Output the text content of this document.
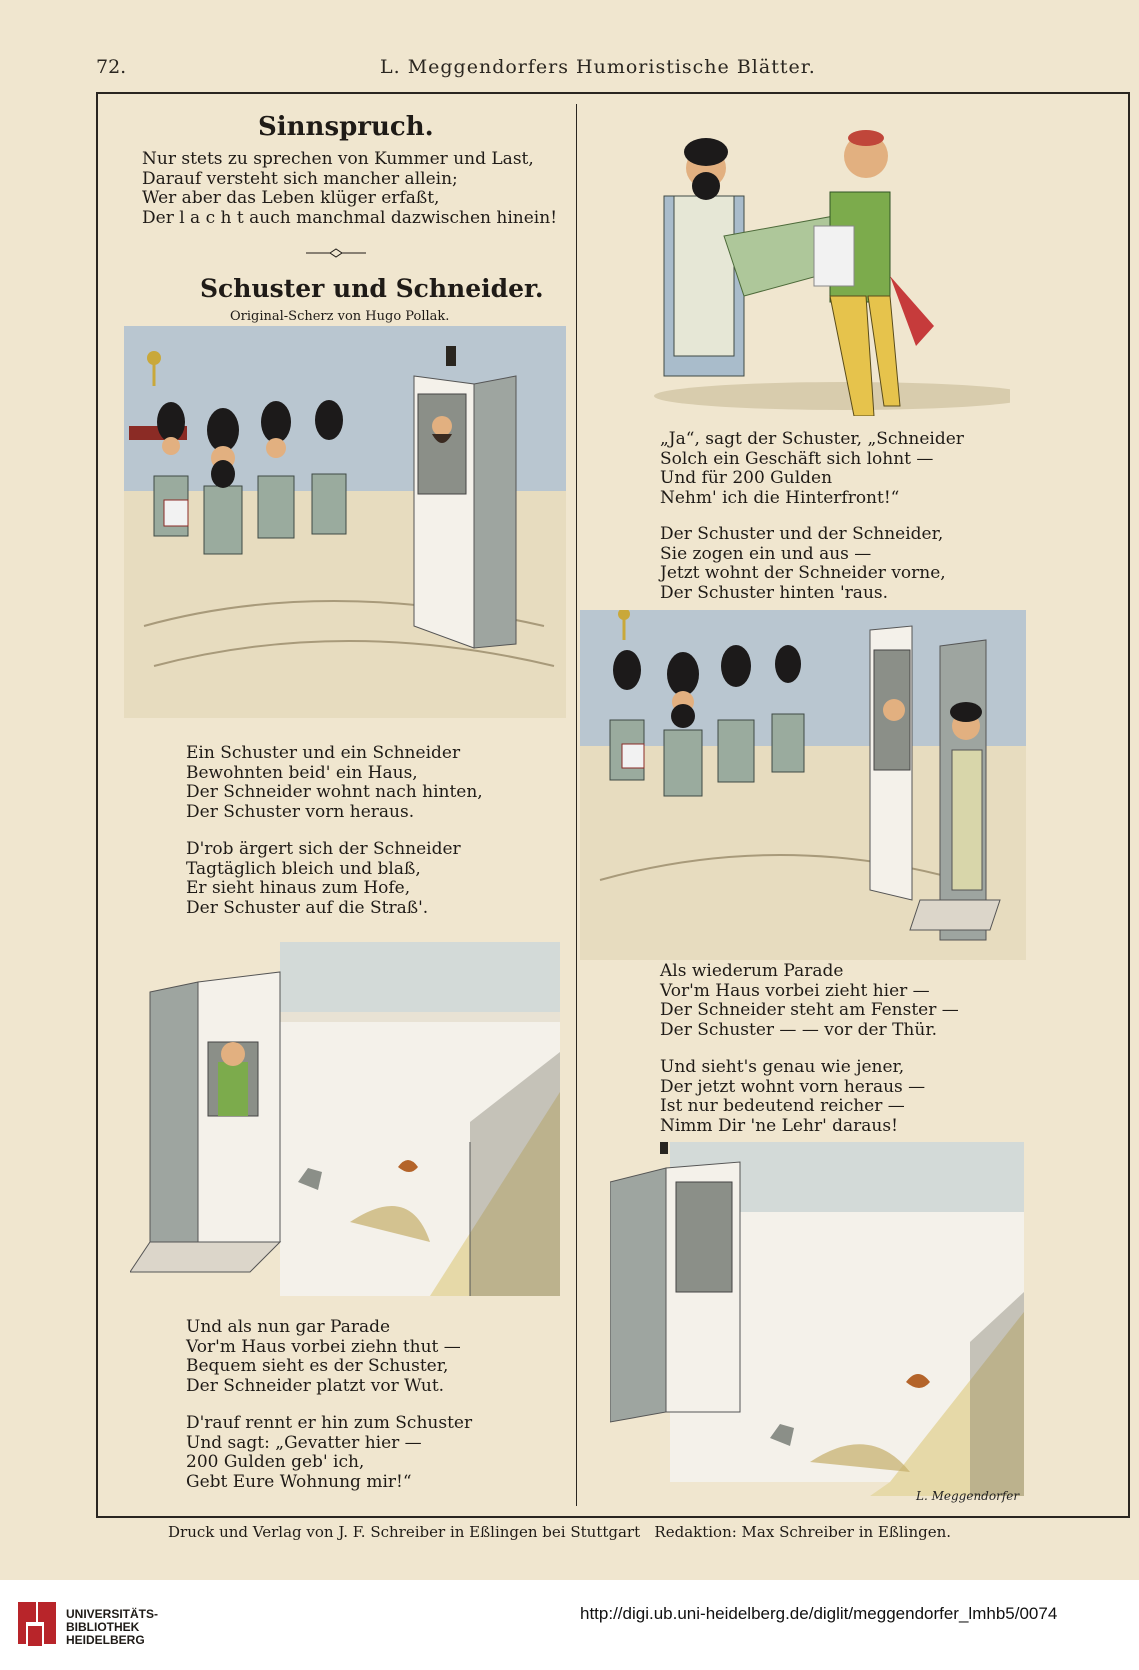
72.	L. Meggendorfers Humoristische Blätter.
Sinnspruch.
Nur stets zu sprechen von Kummer und Last,
Darauf versteht sich mancher allein;
Wer aber das Leben klüger erfaßt,
Der l a c h t auch manchmal dazwischen hinein!
Schuster und Schneider.
Original-Scherz von Hugo Pollak.
Ein Schuster und ein Schneider
Bewohnten beid' ein Haus,
Der Schneider wohnt nach hinten,
Der Schuster vorn heraus.
D'rob ärgert sich der Schneider
Tagtäglich bleich und blaß,
Er sieht hinaus zum Hofe,
Der Schuster auf die Straß'.
Und als nun gar Parade
Vor'm Haus vorbei ziehn thut —
Bequem sieht es der Schuster,
Der Schneider platzt vor Wut.
D'rauf rennt er hin zum Schuster
Und sagt: „Gevatter hier —
200 Gulden geb' ich,
Gebt Eure Wohnung mir!“
„Ja“, sagt der Schuster, „Schneider
Solch ein Geschäft sich lohnt —
Und für 200 Gulden
Nehm' ich die Hinterfront!“
Der Schuster und der Schneider,
Sie zogen ein und aus —
Jetzt wohnt der Schneider vorne,
Der Schuster hinten 'raus.
Als wiederum Parade
Vor'm Haus vorbei zieht hier —
Der Schneider steht am Fenster —
Der Schuster — — vor der Thür.
Und sieht's genau wie jener,
Der jetzt wohnt vorn heraus —
Ist nur bedeutend reicher —
Nimm Dir 'ne Lehr' daraus!
L. Meggendorfer
Druck und Verlag von J. F. Schreiber in Eßlingen bei Stuttgart   Redaktion: Max Schreiber in Eßlingen.
UNIVERSITÄTS-
BIBLIOTHEK
HEIDELBERG
http://digi.ub.uni-heidelberg.de/diglit/meggendorfer_lmhb5/0074
